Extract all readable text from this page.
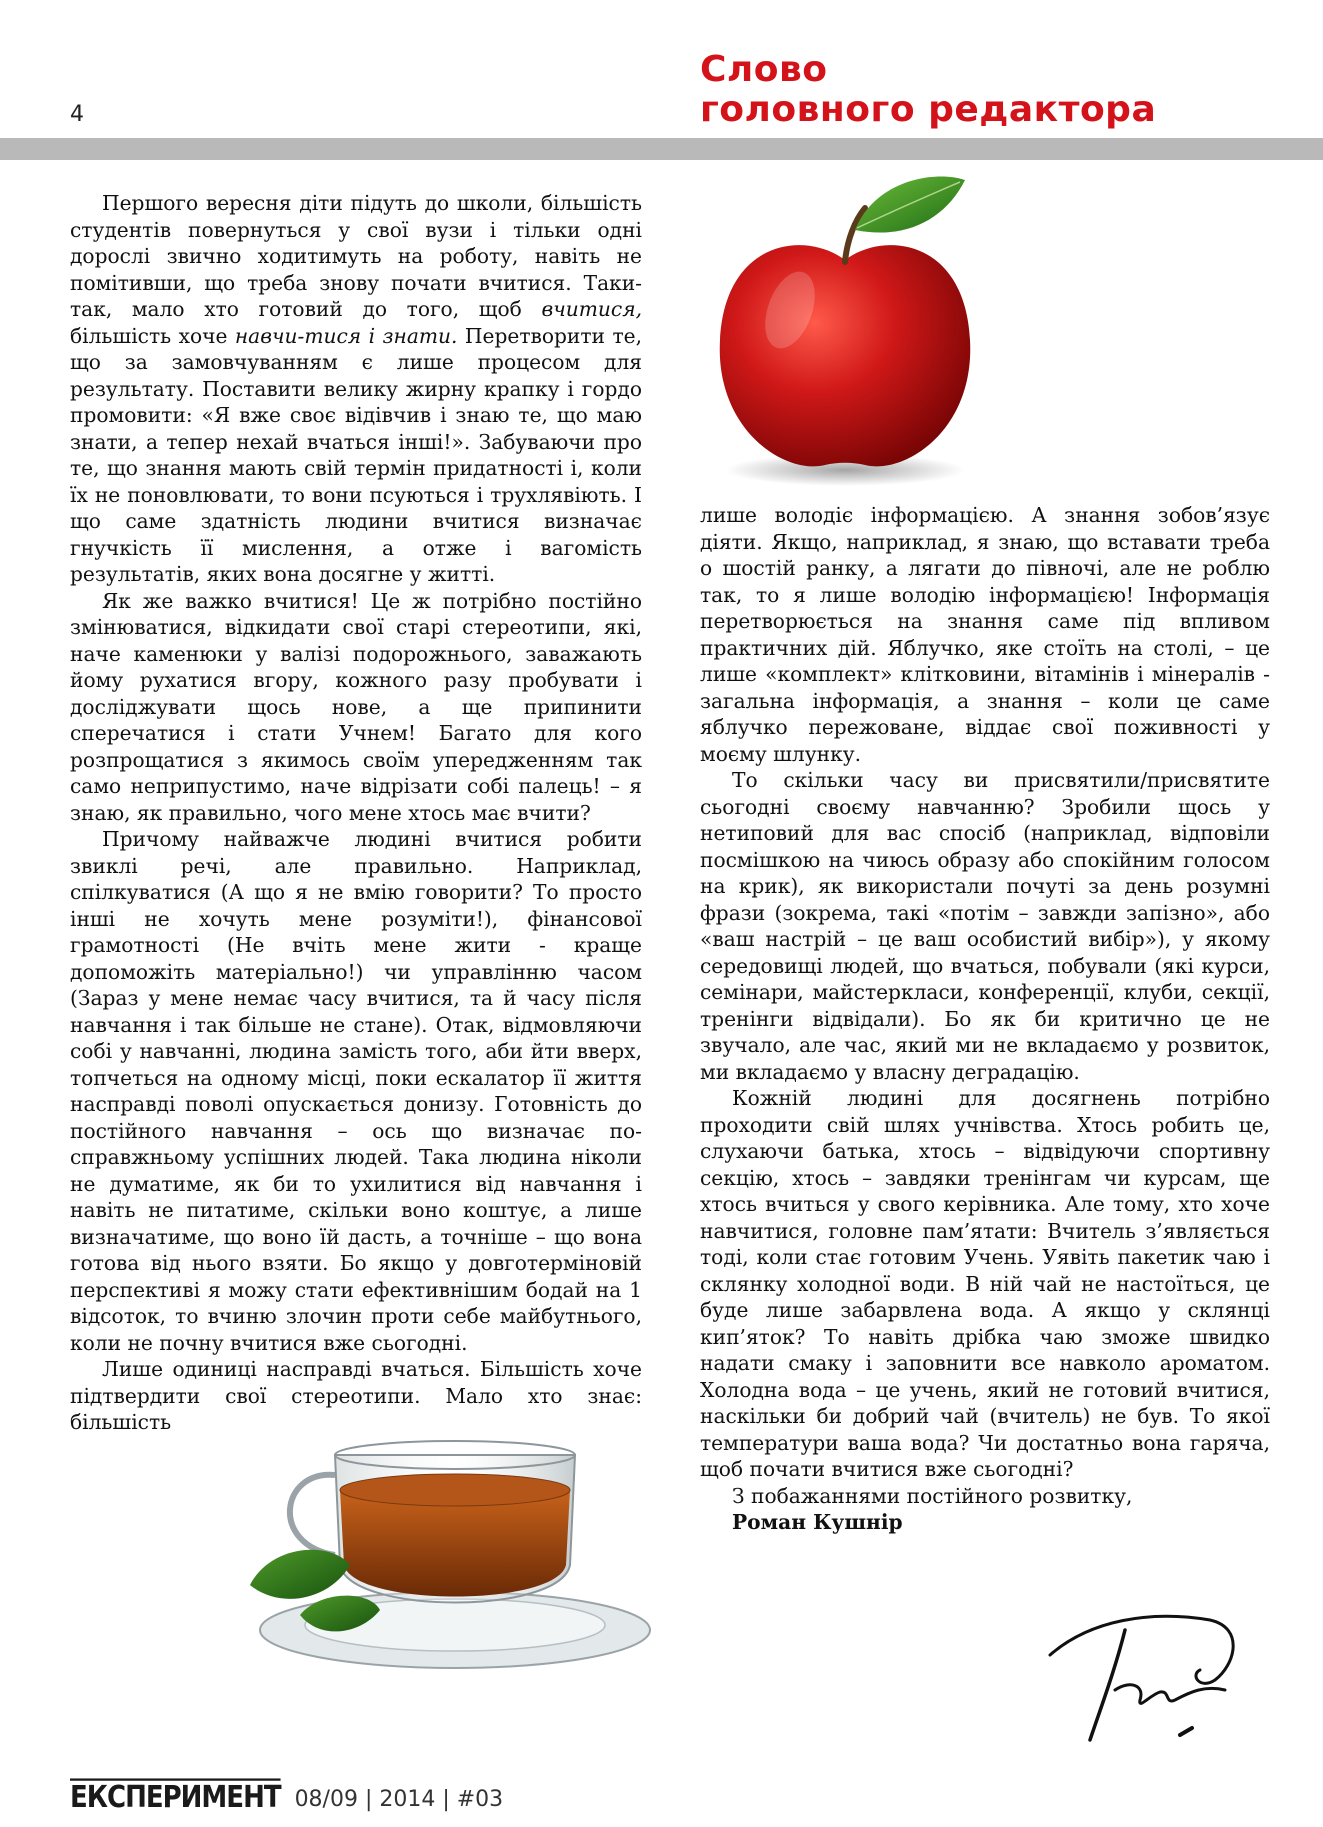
4
Слово
головного редактора

Першого вересня діти підуть до школи, більшість студентів повернуться у свої вузи і тільки одні дорослі звично ходитимуть на роботу, навіть не помітивши, що треба знову почати вчитися. Таки-так, мало хто готовий до того, щоб вчитися, більшість хоче навчи-тися і знати. Перетворити те, що за замовчуванням є лише процесом для результату. Поставити велику жирну крапку і гордо промовити: «Я вже своє відівчив і знаю те, що маю знати, а тепер нехай вчаться інші!». Забуваючи про те, що знання мають свій термін придатності і, коли їх не поновлювати, то вони псуються і трухлявіють. І що саме здатність людини вчитися визначає гнучкість її мислення, а отже і вагомість результатів, яких вона досягне у житті.

Як же важко вчитися! Це ж потрібно постійно змінюватися, відкидати свої старі стереотипи, які, наче каменюки у валізі подорожнього, заважають йому рухатися вгору, кожного разу пробувати і досліджувати щось нове, а ще припинити сперечатися і стати Учнем! Багато для кого розпрощатися з якимось своїм упередженням так само неприпустимо, наче відрізати собі палець! – я знаю, як правильно, чого мене хтось має вчити?

Причому найважче людині вчитися робити звиклі речі, але правильно. Наприклад, спілкуватися (А що я не вмію говорити? То просто інші не хочуть мене розуміти!), фінансової грамотності (Не вчіть мене жити - краще допоможіть матеріально!) чи управлінню часом (Зараз у мене немає часу вчитися, та й часу після навчання і так більше не стане). Отак, відмовляючи собі у навчанні, людина замість того, аби йти вверх, топчеться на одному місці, поки ескалатор її життя насправді поволі опускається донизу. Готовність до постійного навчання – ось що визначає по-справжньому успішних людей. Така людина ніколи не думатиме, як би то ухилитися від навчання і навіть не питатиме, скільки воно коштує, а лише визначатиме, що воно їй дасть, а точніше – що вона готова від нього взяти. Бо якщо у довготерміновій перспективі я можу стати ефективнішим бодай на 1 відсоток, то вчиню злочин проти себе майбутнього, коли не почну вчитися вже сьогодні.

Лише одиниці насправді вчаться. Більшість хоче підтвердити свої стереотипи. Мало хто знає: більшість

лише володіє інформацією. А знання зобов’язує діяти. Якщо, наприклад, я знаю, що вставати треба о шостій ранку, а лягати до півночі, але не роблю так, то я лише володію інформацією! Інформація перетворюється на знання саме під впливом практичних дій. Яблучко, яке стоїть на столі, – це лише «комплект» клітковини, вітамінів і мінералів - загальна інформація, а знання – коли це саме яблучко пережоване, віддає свої поживності у моєму шлунку.

То скільки часу ви присвятили/присвятите сьогодні своєму навчанню? Зробили щось у нетиповий для вас спосіб (наприклад, відповіли посмішкою на чиюсь образу або спокійним голосом на крик), як використали почуті за день розумні фрази (зокрема, такі «потім – завжди запізно», або «ваш настрій – це ваш особистий вибір»), у якому середовищі людей, що вчаться, побували (які курси, семінари, майстеркласи, конференції, клуби, секції, тренінги відвідали). Бо як би критично це не звучало, але час, який ми не вкладаємо у розвиток, ми вкладаємо у власну деградацію.

Кожній людині для досягнень потрібно проходити свій шлях учнівства. Хтось робить це, слухаючи батька, хтось – відвідуючи спортивну секцію, хтось – завдяки тренінгам чи курсам, ще хтось вчиться у свого керівника. Але тому, хто хоче навчитися, головне пам’ятати: Вчитель з’являється тоді, коли стає готовим Учень. Уявіть пакетик чаю і склянку холодної води. В ній чай не настоїться, це буде лише забарвлена вода. А якщо у склянці кип’яток? То навіть дрібка чаю зможе швидко надати смаку і заповнити все навколо ароматом. Холодна вода – це учень, який не готовий вчитися, наскільки би добрий чай (вчитель) не був. То якої температури ваша вода? Чи достатньо вона гаряча, щоб почати вчитися вже сьогодні?

З побажаннями постійного розвитку,

Роман Кушнір

ЕКСПЕРИМЕНТ 08/09 | 2014 | #03
